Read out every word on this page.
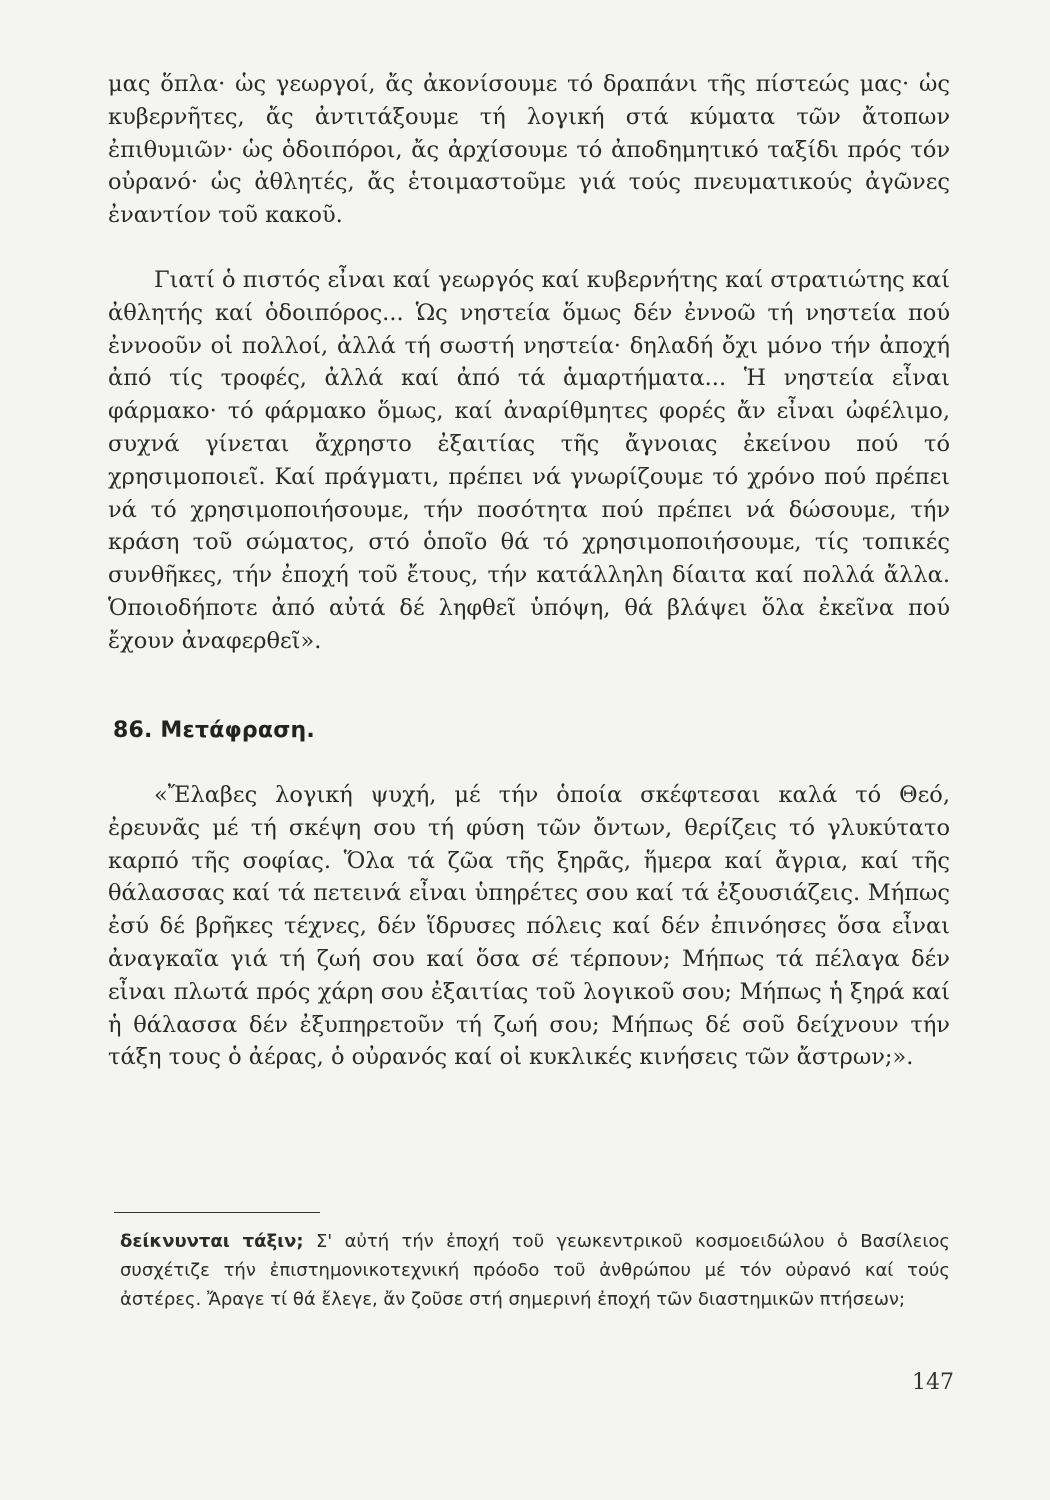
μας ὅπλα· ὡς γεωργοί, ἄς ἀκονίσουμε τό δραπάνι τῆς πίστεώς μας· ὡς κυβερνῆτες, ἄς ἀντιτάξουμε τή λογική στά κύματα τῶν ἄτοπων ἐπιθυμιῶν· ὡς ὁδοιπόροι, ἄς ἀρχίσουμε τό ἀποδημητικό ταξίδι πρός τόν οὐρανό· ὡς ἀθλητές, ἄς ἑτοιμαστοῦμε γιά τούς πνευματικούς ἀγῶνες ἐναντίον τοῦ κακοῦ.

Γιατί ὁ πιστός εἶναι καί γεωργός καί κυβερνήτης καί στρατιώτης καί ἀθλητής καί ὁδοιπόρος... Ὡς νηστεία ὅμως δέν ἐννοῶ τή νηστεία πού ἐννοοῦν οἱ πολλοί, ἀλλά τή σωστή νηστεία· δηλαδή ὄχι μόνο τήν ἀποχή ἀπό τίς τροφές, ἀλλά καί ἀπό τά ἁμαρτήματα... Ἡ νηστεία εἶναι φάρμακο· τό φάρμακο ὅμως, καί ἀναρίθμητες φορές ἄν εἶναι ὠφέλιμο, συχνά γίνεται ἄχρηστο ἐξαιτίας τῆς ἄγνοιας ἐκείνου πού τό χρησιμοποιεῖ. Καί πράγματι, πρέπει νά γνωρίζουμε τό χρόνο πού πρέπει νά τό χρησιμοποιήσουμε, τήν ποσότητα πού πρέπει νά δώσουμε, τήν κράση τοῦ σώματος, στό ὁποῖο θά τό χρησιμοποιήσουμε, τίς τοπικές συνθῆκες, τήν ἐποχή τοῦ ἔτους, τήν κατάλληλη δίαιτα καί πολλά ἄλλα. Ὁποιοδήποτε ἀπό αὐτά δέ ληφθεῖ ὑπόψη, θά βλάψει ὅλα ἐκεῖνα πού ἔχουν ἀναφερθεῖ».

86. Μετάφραση.

«Ἔλαβες λογική ψυχή, μέ τήν ὁποία σκέφτεσαι καλά τό Θεό, ἐρευνᾶς μέ τή σκέψη σου τή φύση τῶν ὄντων, θερίζεις τό γλυκύτατο καρπό τῆς σοφίας. Ὅλα τά ζῶα τῆς ξηρᾶς, ἥμερα καί ἄγρια, καί τῆς θάλασσας καί τά πετεινά εἶναι ὑπηρέτες σου καί τά ἐξουσιάζεις. Μήπως ἐσύ δέ βρῆκες τέχνες, δέν ἵδρυσες πόλεις καί δέν ἐπινόησες ὅσα εἶναι ἀναγκαῖα γιά τή ζωή σου καί ὅσα σέ τέρπουν; Μήπως τά πέλαγα δέν εἶναι πλωτά πρός χάρη σου ἐξαιτίας τοῦ λογικοῦ σου; Μήπως ἡ ξηρά καί ἡ θάλασσα δέν ἐξυπηρετοῦν τή ζωή σου; Μήπως δέ σοῦ δείχνουν τήν τάξη τους ὁ ἀέρας, ὁ οὐρανός καί οἱ κυκλικές κινήσεις τῶν ἄστρων;».

δείκνυνται τάξιν; Σ' αὐτή τήν ἐποχή τοῦ γεωκεντρικοῦ κοσμοειδώλου ὁ Βασίλειος συσχέτιζε τήν ἐπιστημονικοτεχνική πρόοδο τοῦ ἀνθρώπου μέ τόν οὐρανό καί τούς ἀστέρες. Ἄραγε τί θά ἔλεγε, ἄν ζοῦσε στή σημερινή ἐποχή τῶν διαστημικῶν πτήσεων;

147
